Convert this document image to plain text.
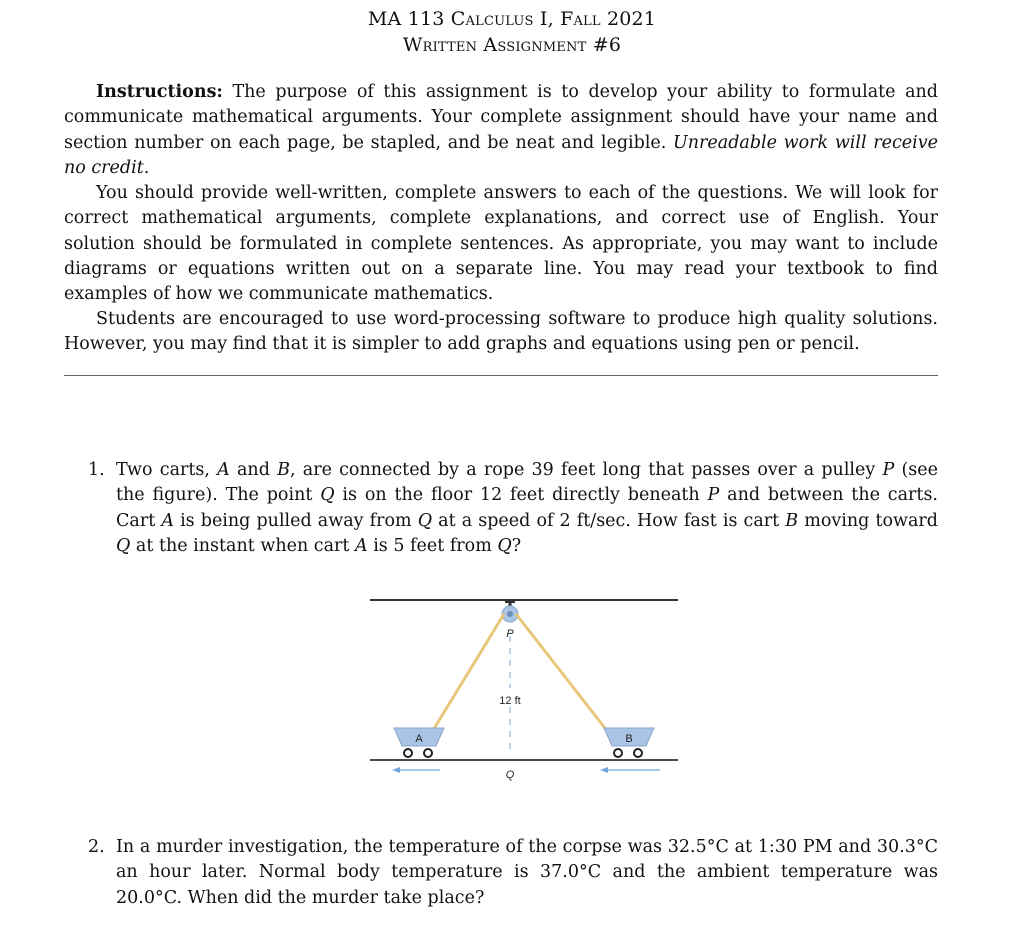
MA 113 Calculus I, Fall 2021
Written Assignment #6
Instructions: The purpose of this assignment is to develop your ability to formulate and communicate mathematical arguments. Your complete assignment should have your name and section number on each page, be stapled, and be neat and legible. Unreadable work will receive no credit.
You should provide well-written, complete answers to each of the questions. We will look for correct mathematical arguments, complete explanations, and correct use of English. Your solution should be formulated in complete sentences. As appropriate, you may want to include diagrams or equations written out on a separate line. You may read your textbook to find examples of how we communicate mathematics.
Students are encouraged to use word-processing software to produce high quality solutions. However, you may find that it is simpler to add graphs and equations using pen or pencil.
1. Two carts, A and B, are connected by a rope 39 feet long that passes over a pulley P (see the figure). The point Q is on the floor 12 feet directly beneath P and between the carts. Cart A is being pulled away from Q at a speed of 2 ft/sec. How fast is cart B moving toward Q at the instant when cart A is 5 feet from Q?
P
12 ft
Q
A	B
2. In a murder investigation, the temperature of the corpse was 32.5°C at 1:30 PM and 30.3°C an hour later. Normal body temperature is 37.0°C and the ambient temperature was 20.0°C. When did the murder take place?
